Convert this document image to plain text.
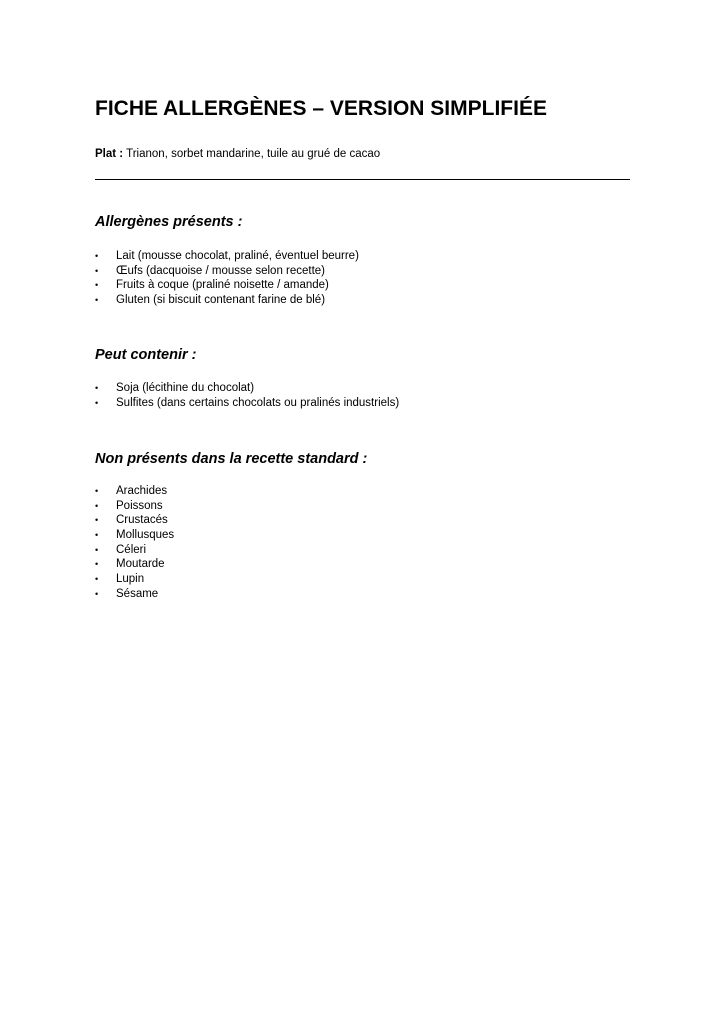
FICHE ALLERGÈNES – VERSION SIMPLIFIÉE

Plat : Trianon, sorbet mandarine, tuile au grué de cacao

Allergènes présents :
•	Lait (mousse chocolat, praliné, éventuel beurre)
•	Œufs (dacquoise / mousse selon recette)
•	Fruits à coque (praliné noisette / amande)
•	Gluten (si biscuit contenant farine de blé)
Peut contenir :
•	Soja (lécithine du chocolat)
•	Sulfites (dans certains chocolats ou pralinés industriels)
Non présents dans la recette standard :
•	Arachides
•	Poissons
•	Crustacés
•	Mollusques
•	Céleri
•	Moutarde
•	Lupin
•	Sésame
